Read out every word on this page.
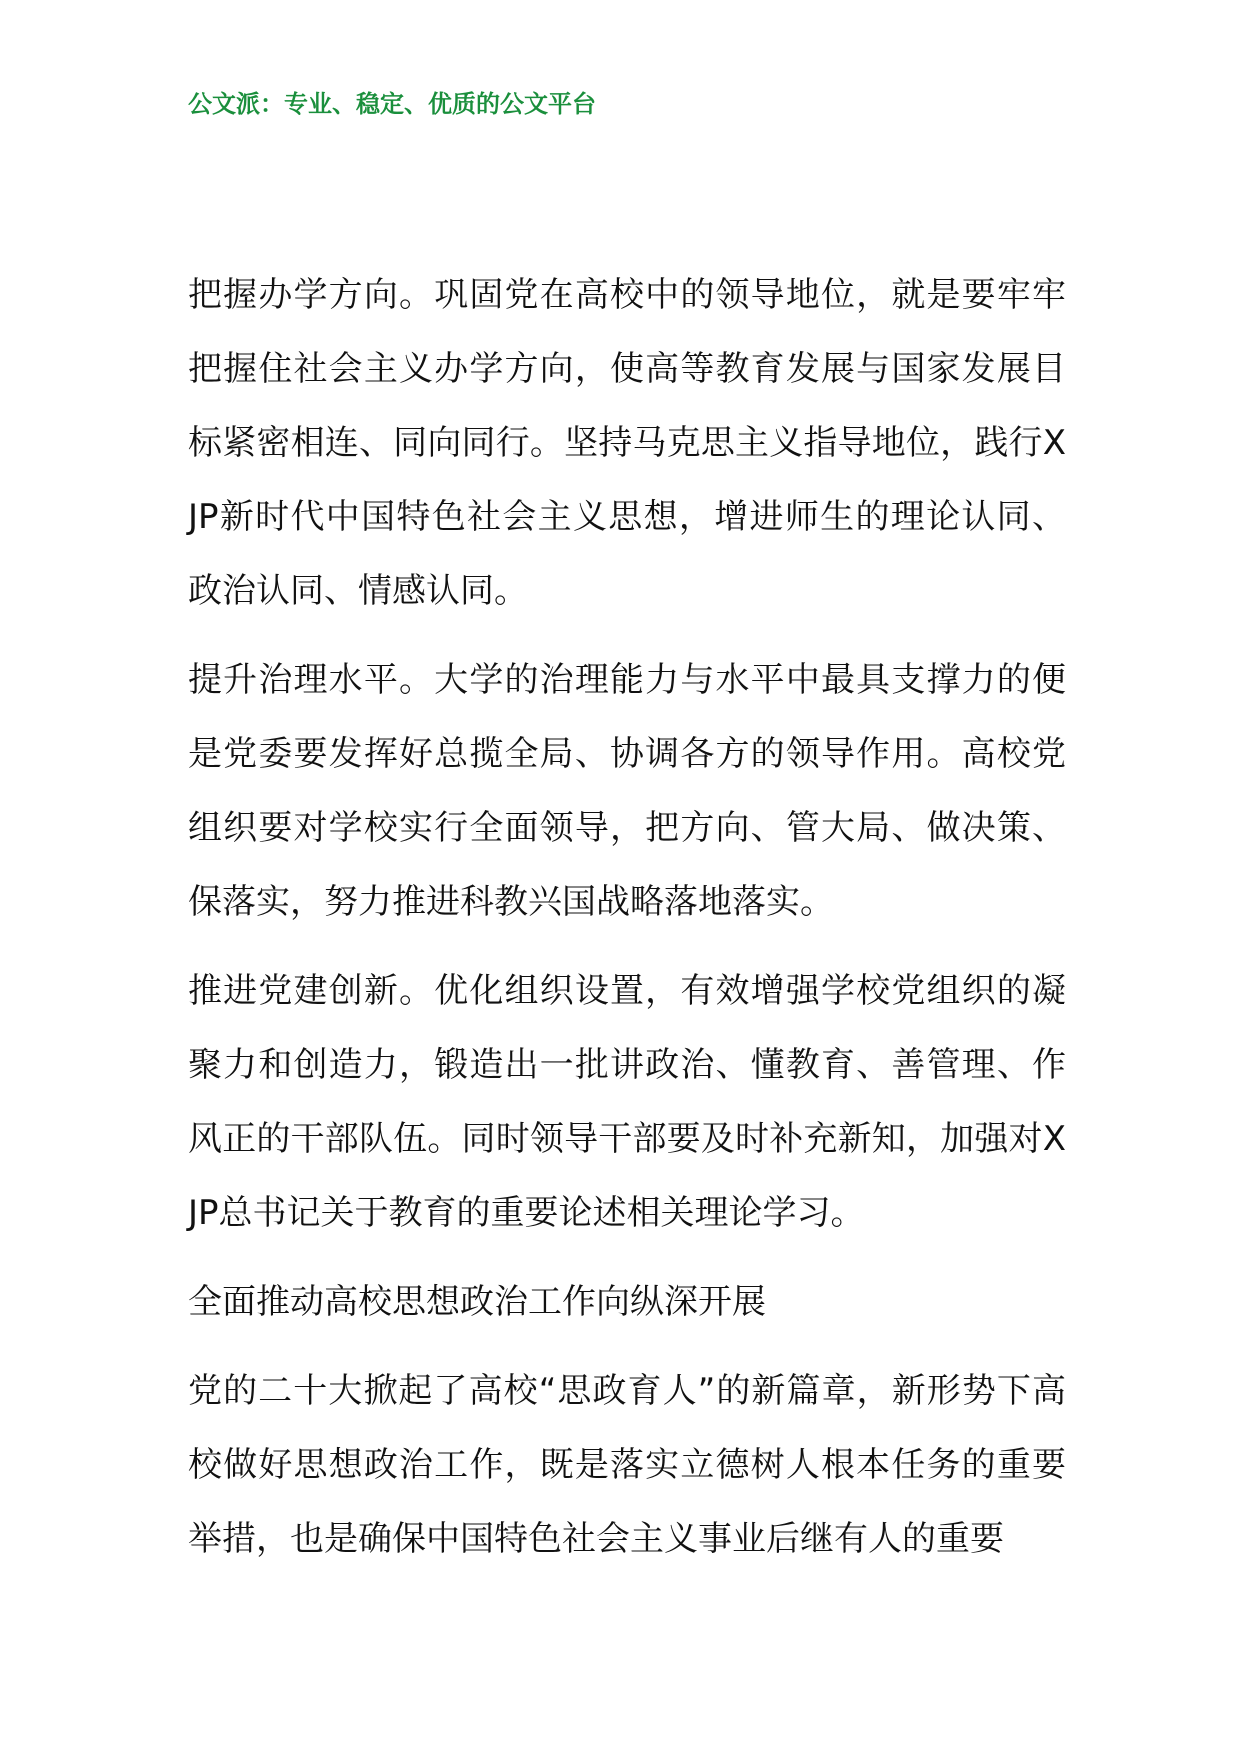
公文派：专业、稳定、优质的公文平台

把握办学方向。巩固党在高校中的领导地位，就是要牢牢把握住社会主义办学方向，使高等教育发展与国家发展目标紧密相连、同向同行。坚持马克思主义指导地位，践行XJP新时代中国特色社会主义思想，增进师生的理论认同、政治认同、情感认同。

提升治理水平。大学的治理能力与水平中最具支撑力的便是党委要发挥好总揽全局、协调各方的领导作用。高校党组织要对学校实行全面领导，把方向、管大局、做决策、保落实，努力推进科教兴国战略落地落实。

推进党建创新。优化组织设置，有效增强学校党组织的凝聚力和创造力，锻造出一批讲政治、懂教育、善管理、作风正的干部队伍。同时领导干部要及时补充新知，加强对XJP总书记关于教育的重要论述相关理论学习。

全面推动高校思想政治工作向纵深开展

党的二十大掀起了高校“思政育人”的新篇章，新形势下高校做好思想政治工作，既是落实立德树人根本任务的重要举措，也是确保中国特色社会主义事业后继有人的重要
